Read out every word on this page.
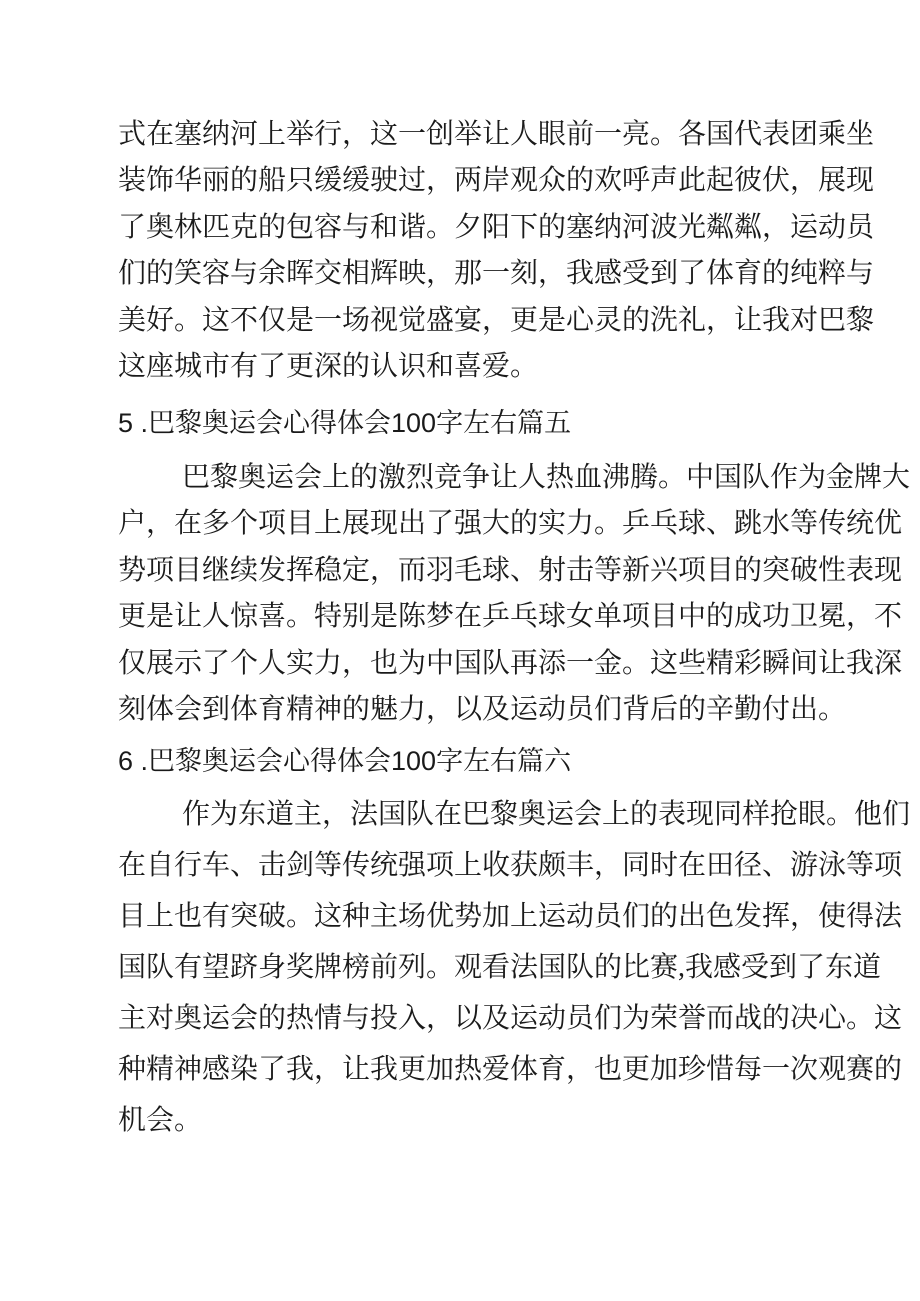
式在塞纳河上举行，这一创举让人眼前一亮。各国代表团乘坐
装饰华丽的船只缓缓驶过，两岸观众的欢呼声此起彼伏，展现
了奥林匹克的包容与和谐。夕阳下的塞纳河波光粼粼，运动员
们的笑容与余晖交相辉映，那一刻，我感受到了体育的纯粹与
美好。这不仅是一场视觉盛宴，更是心灵的洗礼，让我对巴黎
这座城市有了更深的认识和喜爱。
5 .巴黎奥运会心得体会100字左右篇五
巴黎奥运会上的激烈竞争让人热血沸腾。中国队作为金牌大
户，在多个项目上展现出了强大的实力。乒乓球、跳水等传统优
势项目继续发挥稳定，而羽毛球、射击等新兴项目的突破性表现
更是让人惊喜。特别是陈梦在乒乓球女单项目中的成功卫冕，不
仅展示了个人实力，也为中国队再添一金。这些精彩瞬间让我深
刻体会到体育精神的魅力，以及运动员们背后的辛勤付出。
6 .巴黎奥运会心得体会100字左右篇六
作为东道主，法国队在巴黎奥运会上的表现同样抢眼。他们
在自行车、击剑等传统强项上收获颇丰，同时在田径、游泳等项
目上也有突破。这种主场优势加上运动员们的出色发挥，使得法
国队有望跻身奖牌榜前列。观看法国队的比赛,我感受到了东道
主对奥运会的热情与投入，以及运动员们为荣誉而战的决心。这
种精神感染了我，让我更加热爱体育，也更加珍惜每一次观赛的
机会。
